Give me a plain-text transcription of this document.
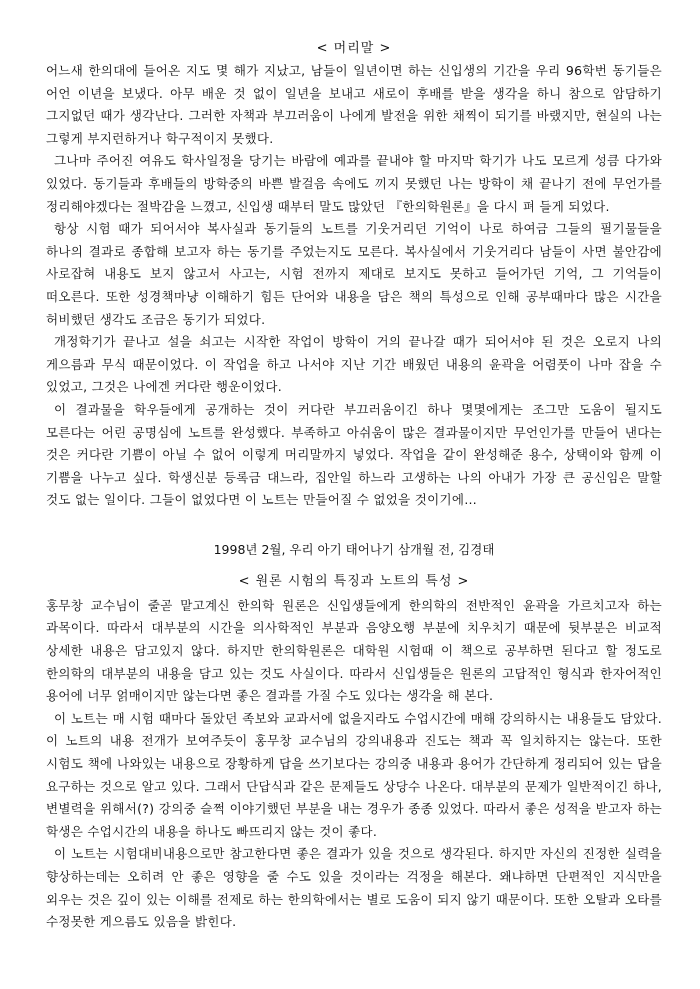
< 머리말 >

어느새 한의대에 들어온 지도 몇 해가 지났고, 남들이 일년이면 하는 신입생의 기간을 우리 96학번 동기들은 어언 이년을 보냈다. 아무 배운 것 없이 일년을 보내고 새로이 후배를 받을 생각을 하니 참으로 암담하기 그지없던 때가 생각난다. 그러한 자책과 부끄러움이 나에게 발전을 위한 채찍이 되기를 바랬지만, 현실의 나는 그렇게 부지런하거나 학구적이지 못했다.

그나마 주어진 여유도 학사일정을 당기는 바람에 예과를 끝내야 할 마지막 학기가 나도 모르게 성큼 다가와 있었다. 동기들과 후배들의 방학중의 바쁜 발걸음 속에도 끼지 못했던 나는 방학이 채 끝나기 전에 무언가를 정리해야겠다는 절박감을 느꼈고, 신입생 때부터 말도 많았던 『한의학원론』을 다시 펴 들게 되었다.

항상 시험 때가 되어서야 복사실과 동기들의 노트를 기웃거리던 기억이 나로 하여금 그들의 필기물들을 하나의 결과로 종합해 보고자 하는 동기를 주었는지도 모른다. 복사실에서 기웃거리다 남들이 사면 불안감에 사로잡혀 내용도 보지 않고서 사고는, 시험 전까지 제대로 보지도 못하고 들어가던 기억, 그 기억들이 떠오른다. 또한 성경책마냥 이해하기 힘든 단어와 내용을 담은 책의 특성으로 인해 공부때마다 많은 시간을 허비했던 생각도 조금은 동기가 되었다.

개정학기가 끝나고 설을 쇠고는 시작한 작업이 방학이 거의 끝나갈 때가 되어서야 된 것은 오로지 나의 게으름과 무식 때문이었다. 이 작업을 하고 나서야 지난 기간 배웠던 내용의 윤곽을 어렴풋이 나마 잡을 수 있었고, 그것은 나에겐 커다란 행운이었다.

이 결과물을 학우들에게 공개하는 것이 커다란 부끄러움이긴 하나 몇몇에게는 조그만 도움이 될지도 모른다는 어린 공명심에 노트를 완성했다. 부족하고 아쉬움이 많은 결과물이지만 무언인가를 만들어 낸다는 것은 커다란 기쁨이 아닐 수 없어 이렇게 머리말까지 넣었다. 작업을 같이 완성해준 용수, 상택이와 함께 이 기쁨을 나누고 싶다. 학생신분 등록금 대느라, 집안일 하느라 고생하는 나의 아내가 가장 큰 공신임은 말할 것도 없는 일이다. 그들이 없었다면 이 노트는 만들어질 수 없었을 것이기에…

1998년 2월, 우리 아기 태어나기 삼개월 전, 김경태

< 원론 시험의 특징과 노트의 특성 >

홍무창 교수님이 줄곧 맡고계신 한의학 원론은 신입생들에게 한의학의 전반적인 윤곽을 가르치고자 하는 과목이다. 따라서 대부분의 시간을 의사학적인 부분과 음양오행 부분에 치우치기 때문에 뒷부분은 비교적 상세한 내용은 담고있지 않다. 하지만 한의학원론은 대학원 시험때 이 책으로 공부하면 된다고 할 정도로 한의학의 대부분의 내용을 담고 있는 것도 사실이다. 따라서 신입생들은 원론의 고답적인 형식과 한자어적인 용어에 너무 얽매이지만 않는다면 좋은 결과를 가질 수도 있다는 생각을 해 본다.

이 노트는 매 시험 때마다 돌았던 족보와 교과서에 없을지라도 수업시간에 매해 강의하시는 내용들도 담았다. 이 노트의 내용 전개가 보여주듯이 홍무창 교수님의 강의내용과 진도는 책과 꼭 일치하지는 않는다. 또한 시험도 책에 나와있는 내용으로 장황하게 답을 쓰기보다는 강의중 내용과 용어가 간단하게 정리되어 있는 답을 요구하는 것으로 알고 있다. 그래서 단답식과 같은 문제들도 상당수 나온다. 대부분의 문제가 일반적이긴 하나, 변별력을 위해서(?) 강의중 슬쩍 이야기했던 부분을 내는 경우가 종종 있었다. 따라서 좋은 성적을 받고자 하는 학생은 수업시간의 내용을 하나도 빠뜨리지 않는 것이 좋다.

이 노트는 시험대비내용으로만 참고한다면 좋은 결과가 있을 것으로 생각된다. 하지만 자신의 진정한 실력을 향상하는데는 오히려 안 좋은 영향을 줄 수도 있을 것이라는 걱정을 해본다. 왜냐하면 단편적인 지식만을 외우는 것은 깊이 있는 이해를 전제로 하는 한의학에서는 별로 도움이 되지 않기 때문이다. 또한 오탈과 오타를 수정못한 게으름도 있음을 밝힌다.
